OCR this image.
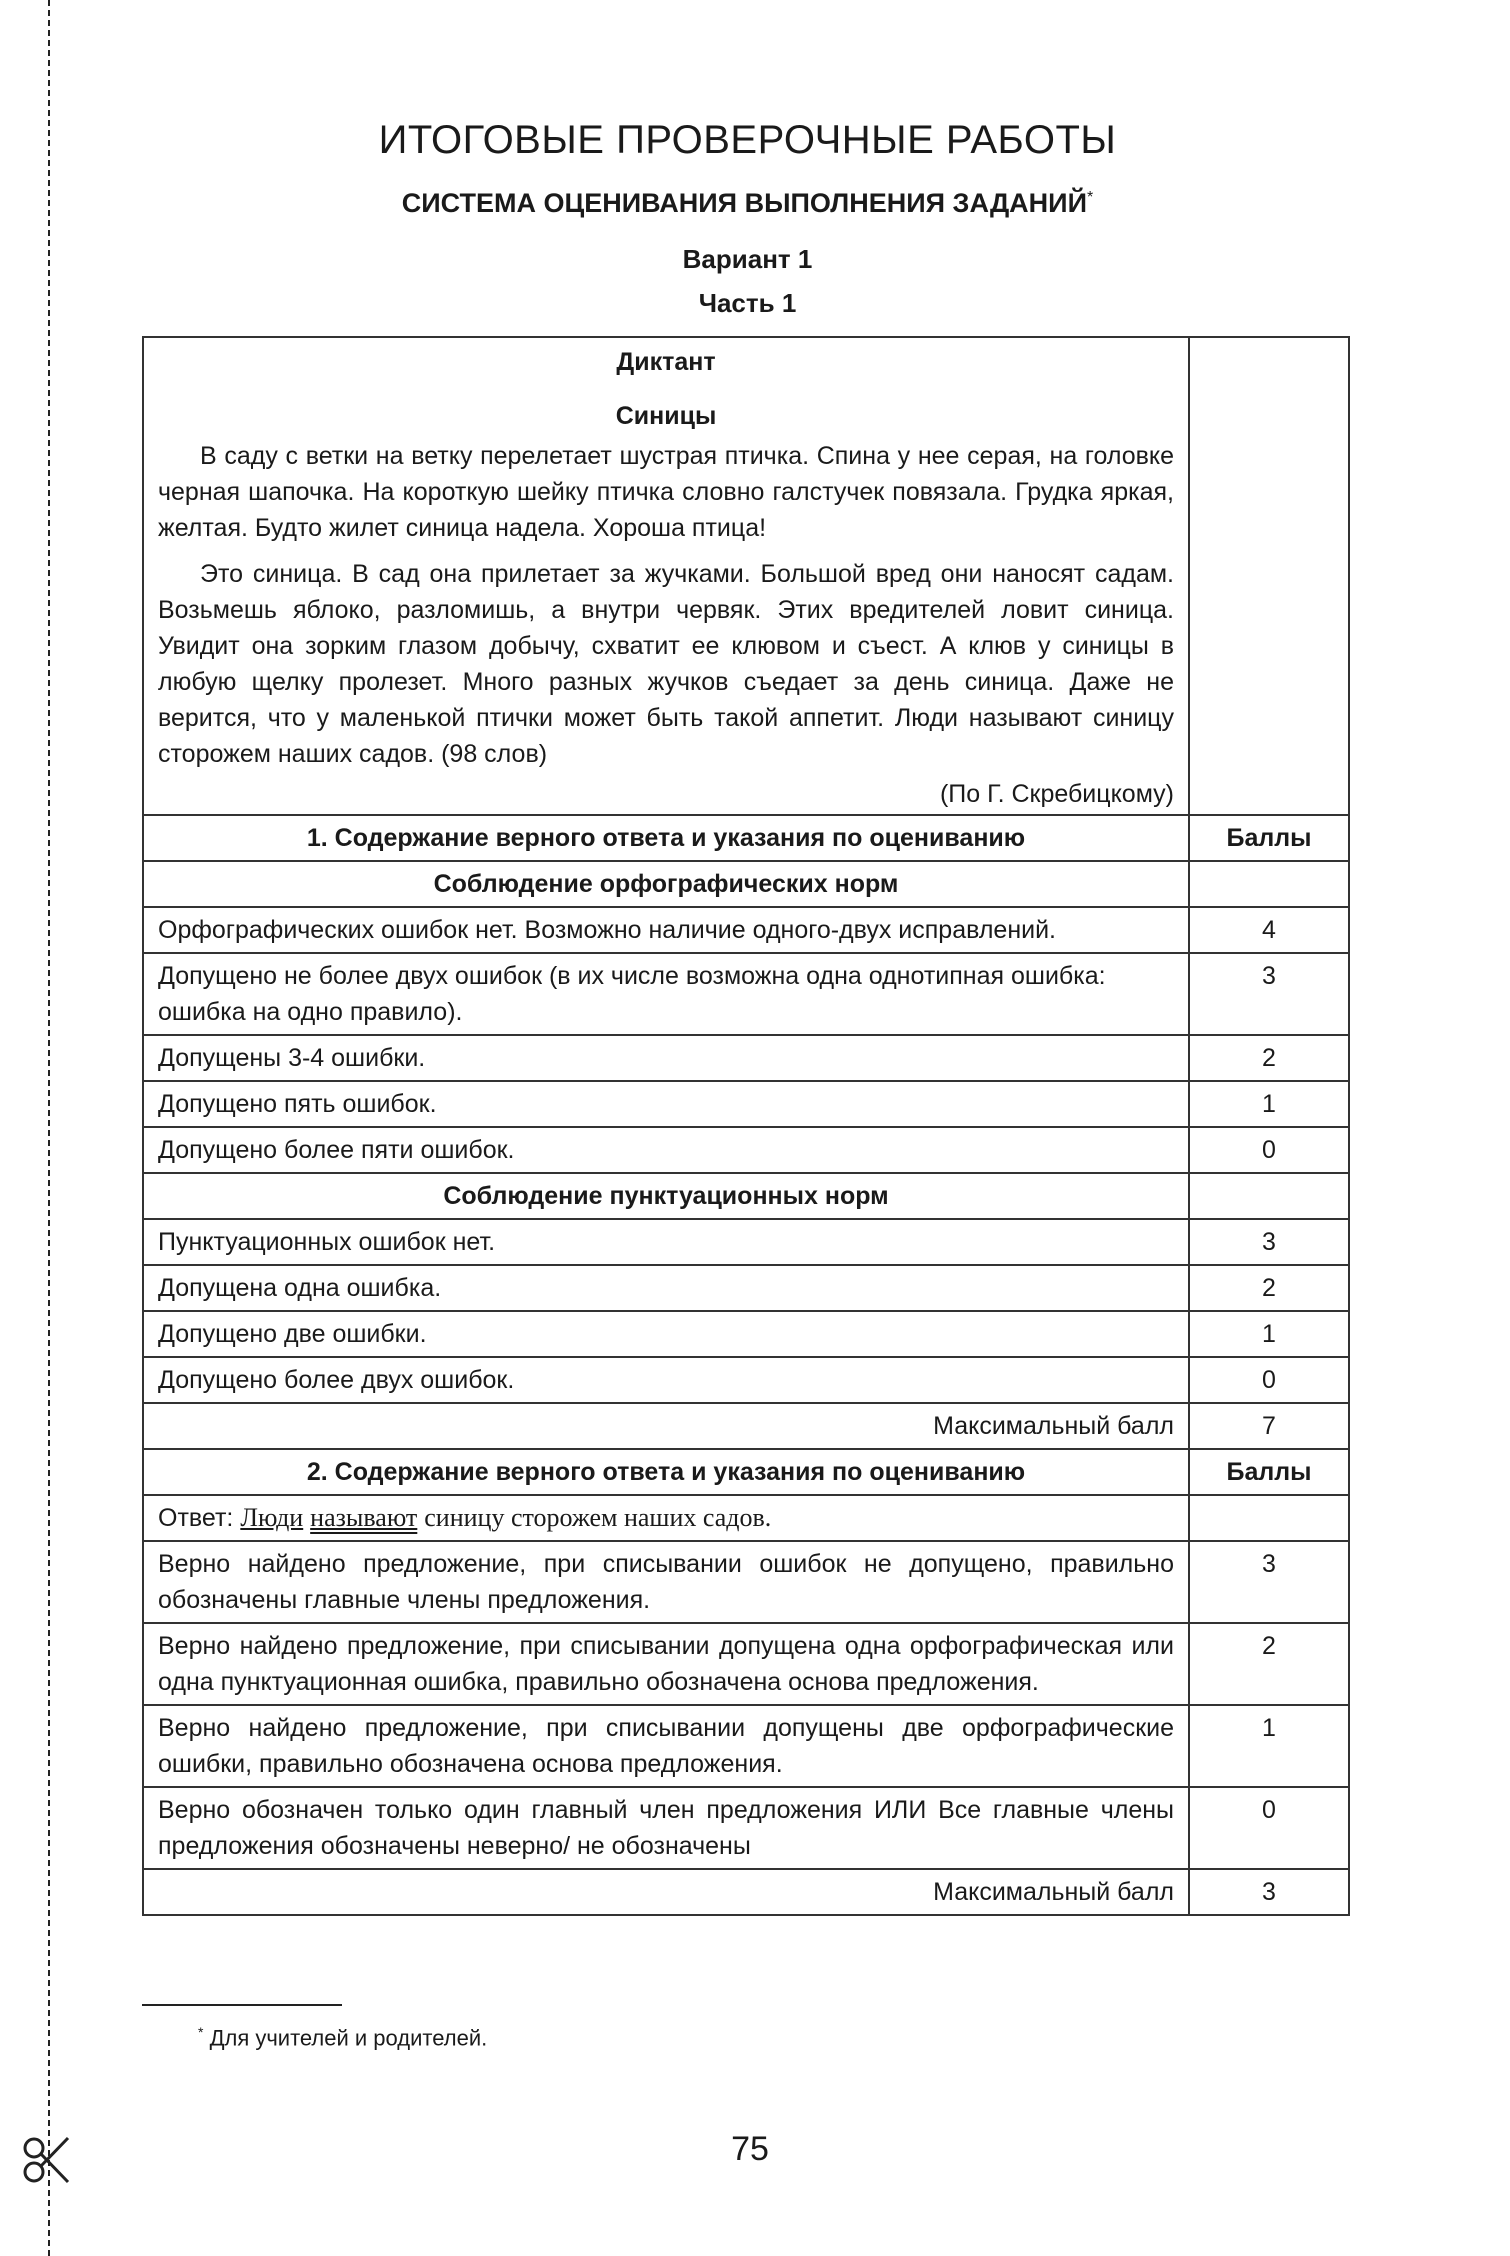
ИТОГОВЫЕ ПРОВЕРОЧНЫЕ РАБОТЫ
СИСТЕМА ОЦЕНИВАНИЯ ВЫПОЛНЕНИЯ ЗАДАНИЙ*
Вариант 1
Часть 1
Диктант
Синицы

В саду с ветки на ветку перелетает шустрая птичка. Спина у нее серая, на головке черная шапочка. На короткую шейку птичка словно галстучек повязала. Грудка яркая, желтая. Будто жилет синица надела. Хороша птица!

Это синица. В сад она прилетает за жучками. Большой вред они наносят садам. Возьмешь яблоко, разломишь, а внутри червяк. Этих вредителей ловит синица. Увидит она зорким глазом добычу, схватит ее клювом и съест. А клюв у синицы в любую щелку пролезет. Много разных жучков съедает за день синица. Даже не верится, что у маленькой птички может быть такой аппетит. Люди называют синицу сторожем наших садов. (98 слов)

(По Г. Скребицкому)	

1. Содержание верного ответа и указания по оцениванию	Баллы
Соблюдение орфографических норм	
Орфографических ошибок нет. Возможно наличие одного-двух исправлений.	4
Допущено не более двух ошибок (в их числе возможна одна однотипная ошибка: ошибка на одно правило).	3
Допущены 3-4 ошибки.	2
Допущено пять ошибок.	1
Допущено более пяти ошибок.	0
Соблюдение пунктуационных норм	
Пунктуационных ошибок нет.	3
Допущена одна ошибка.	2
Допущено две ошибки.	1
Допущено более двух ошибок.	0
Максимальный балл	7
2. Содержание верного ответа и указания по оцениванию	Баллы
Ответ: Люди называют синицу сторожем наших садов.	
Верно найдено предложение, при списывании ошибок не допущено, правильно обозначены главные члены предложения.	3
Верно найдено предложение, при списывании допущена одна орфографическая или одна пунктуационная ошибка, правильно обозначена основа предложения.	2
Верно найдено предложение, при списывании допущены две орфографические ошибки, правильно обозначена основа предложения.	1
Верно обозначен только один главный член предложения ИЛИ Все главные члены предложения обозначены неверно/ не обозначены	0
Максимальный балл	3
* Для учителей и родителей.
75
